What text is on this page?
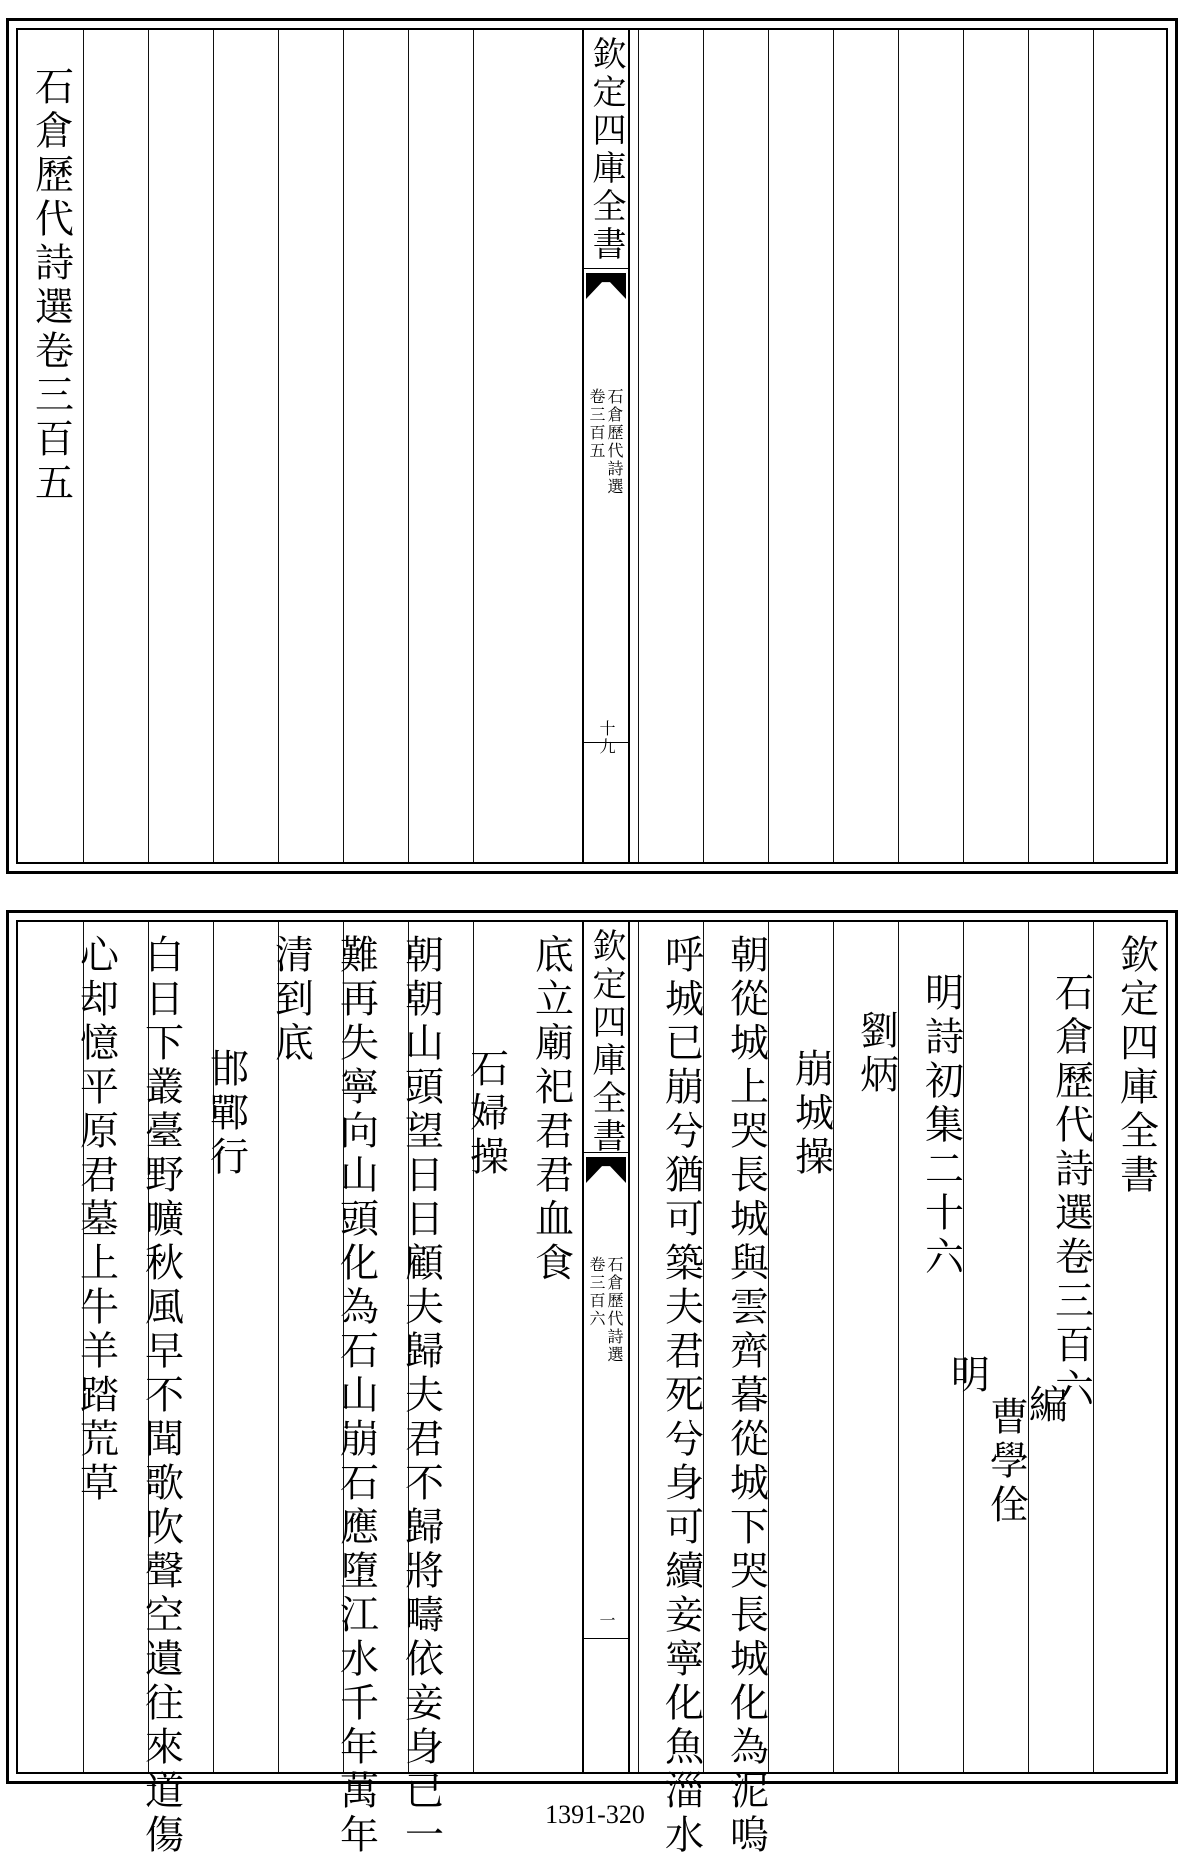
石倉歷代詩選卷三百五	欽定四庫全書
石倉歷代詩選
卷三百五
十九
欽定四庫全書
石倉歷代詩選卷三百六
明
曹學佺
編
明詩初集二十六
劉炳
崩城操
朝從城上哭長城與雲齊暮從城下哭長城化為泥嗚
呼城已崩兮猶可築夫君死兮身可續妾寧化魚淄水
欽定四庫全書
石倉歷代詩選
卷三百六
一
底立廟祀君君血食
石婦操
朝朝山頭望日日顧夫歸夫君不歸將疇依妾身已一
難再失寧向山頭化為石山崩石應墮江水千年萬年
清到底
邯鄲行
白日下叢臺野曠秋風早不聞歌吹聲空遺往來道傷
心却憶平原君墓上牛羊踏荒草
1391-320
